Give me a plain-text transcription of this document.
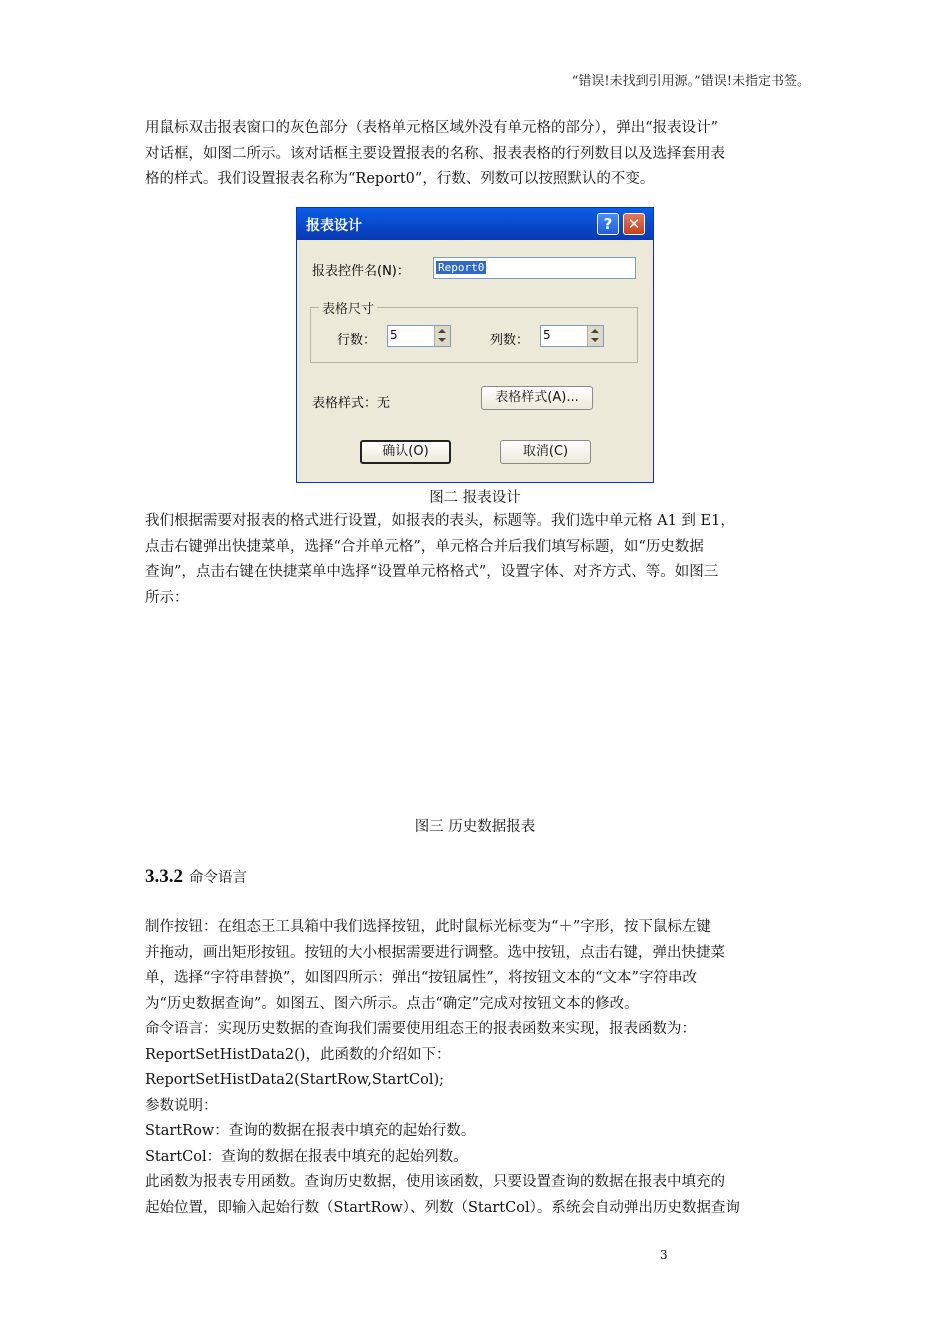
“错误!未找到引用源。”错误!未指定书签。
用鼠标双击报表窗口的灰色部分（表格单元格区域外没有单元格的部分），弹出“报表设计”
对话框，如图二所示。该对话框主要设置报表的名称、报表表格的行列数目以及选择套用表
格的样式。我们设置报表名称为“Report0”，行数、列数可以按照默认的不变。
报表设计	?	✕
报表控件名(N)：	Report0
表格尺寸
行数： 5	列数： 5
表格样式：无	表格样式(A)...
确认(O)	取消(C)
图二 报表设计
我们根据需要对报表的格式进行设置，如报表的表头，标题等。我们选中单元格 A1 到 E1，
点击右键弹出快捷菜单，选择“合并单元格”，单元格合并后我们填写标题，如“历史数据
查询”，点击右键在快捷菜单中选择“设置单元格格式”，设置字体、对齐方式、等。如图三
所示：
图三 历史数据报表
3.3.2 命令语言
制作按钮：在组态王工具箱中我们选择按钮，此时鼠标光标变为“＋”字形，按下鼠标左键
并拖动，画出矩形按钮。按钮的大小根据需要进行调整。选中按钮，点击右键，弹出快捷菜
单，选择“字符串替换”，如图四所示：弹出“按钮属性”，将按钮文本的“文本”字符串改
为“历史数据查询”。如图五、图六所示。点击“确定”完成对按钮文本的修改。
命令语言：实现历史数据的查询我们需要使用组态王的报表函数来实现，报表函数为：
ReportSetHistData2()，此函数的介绍如下：
ReportSetHistData2(StartRow,StartCol);
参数说明：
StartRow：查询的数据在报表中填充的起始行数。
StartCol：查询的数据在报表中填充的起始列数。
此函数为报表专用函数。查询历史数据，使用该函数，只要设置查询的数据在报表中填充的
起始位置，即输入起始行数（StartRow）、列数（StartCol）。系统会自动弹出历史数据查询
3
